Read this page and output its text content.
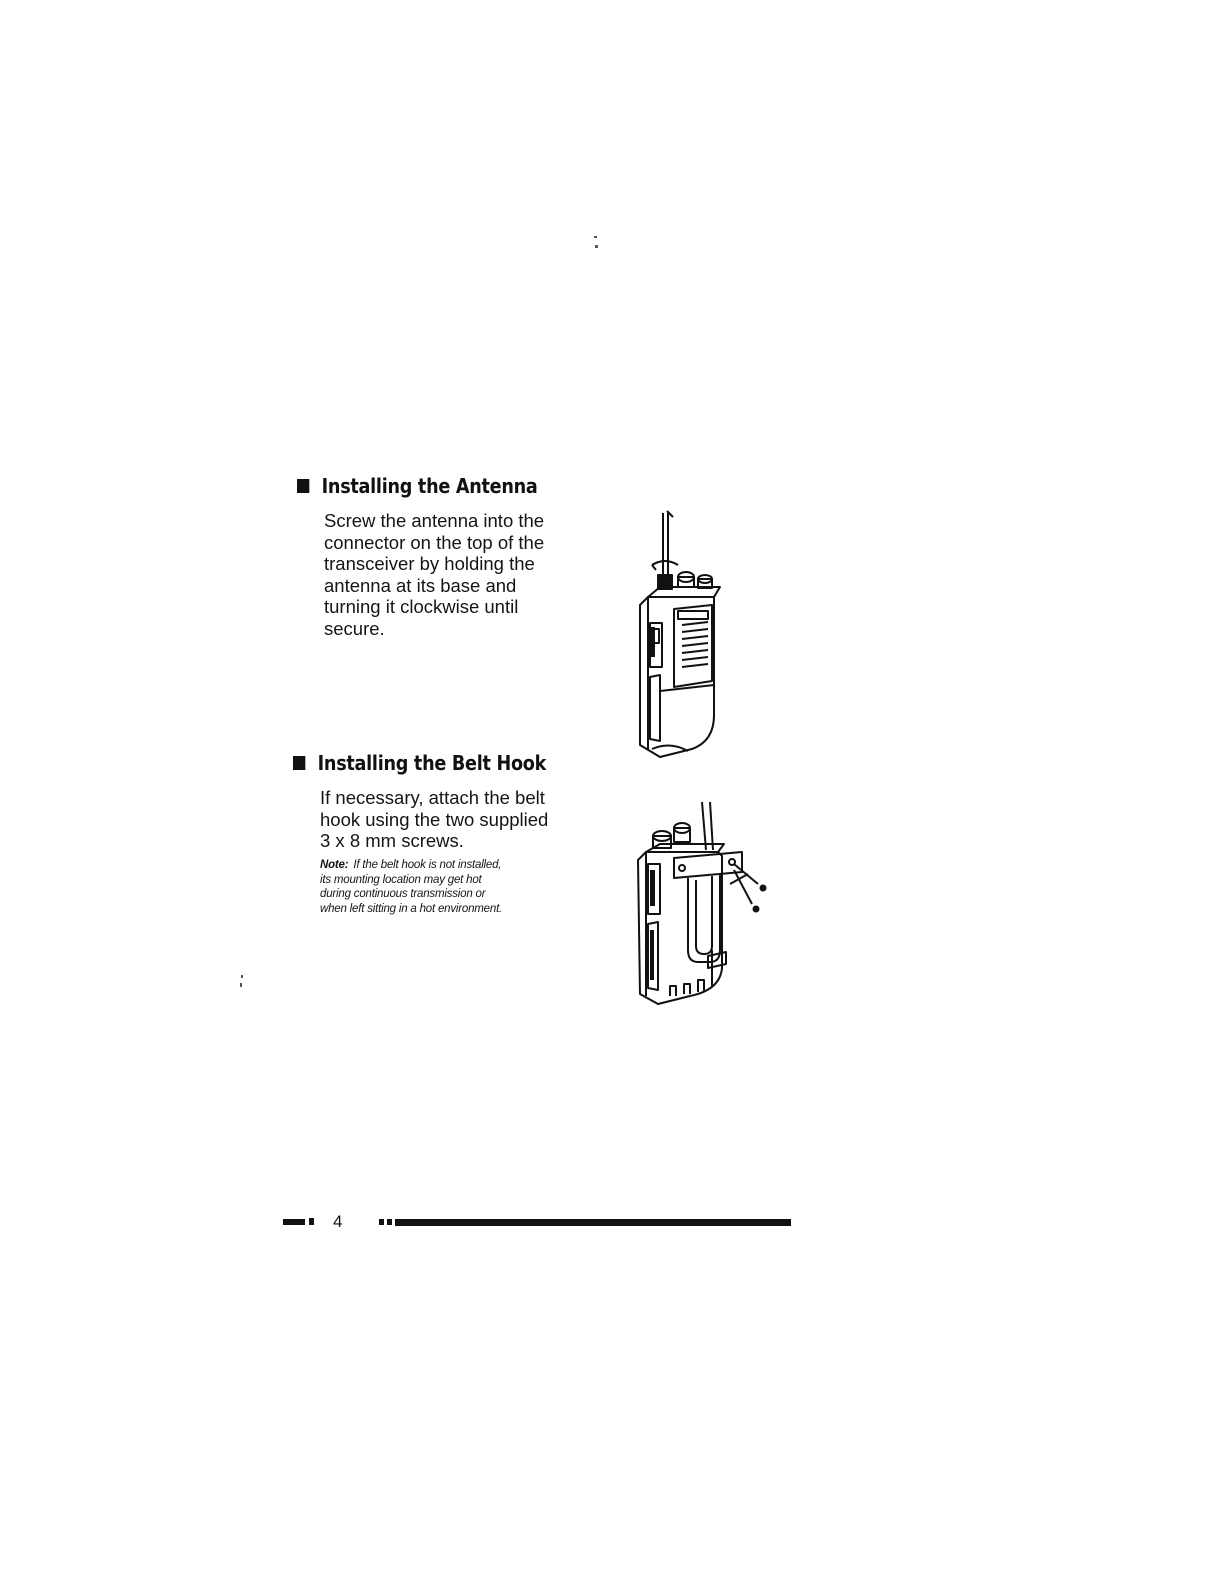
Installing the Antenna
Screw the antenna into the
connector on the top of the
transceiver by holding the
antenna at its base and
turning it clockwise until
secure.
Installing the Belt Hook
If necessary, attach the belt
hook using the two supplied
3 x 8 mm screws.
Note: If the belt hook is not installed,
its mounting location may get hot
during continuous transmission or
when left sitting in a hot environment.
4
